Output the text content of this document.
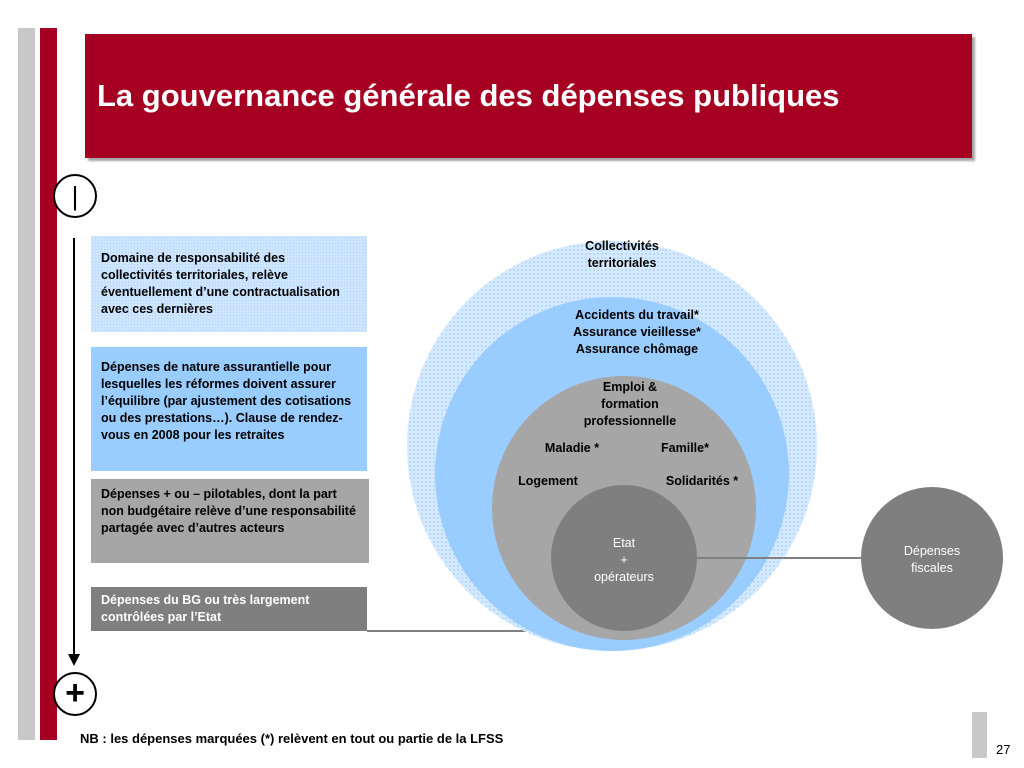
La gouvernance générale des dépenses publiques
|
+
Domaine de responsabilité des collectivités territoriales, relève éventuellement d’une contractualisation avec ces dernières
Dépenses de nature assurantielle pour lesquelles les réformes doivent assurer l’équilibre (par ajustement des cotisations ou des prestations…). Clause de rendez-vous en 2008 pour les retraites
Dépenses + ou – pilotables, dont la part non budgétaire relève d’une responsabilité partagée avec d’autres acteurs
Dépenses du BG ou très largement contrôlées par l’Etat
Collectivités
territoriales
Accidents du travail*
Assurance vieillesse*
Assurance chômage
Emploi &
formation
professionnelle
Maladie *	Famille*
Logement	Solidarités *
Etat
+
opérateurs
Dépenses
fiscales
NB : les dépenses marquées (*) relèvent en tout ou partie de la LFSS
27
